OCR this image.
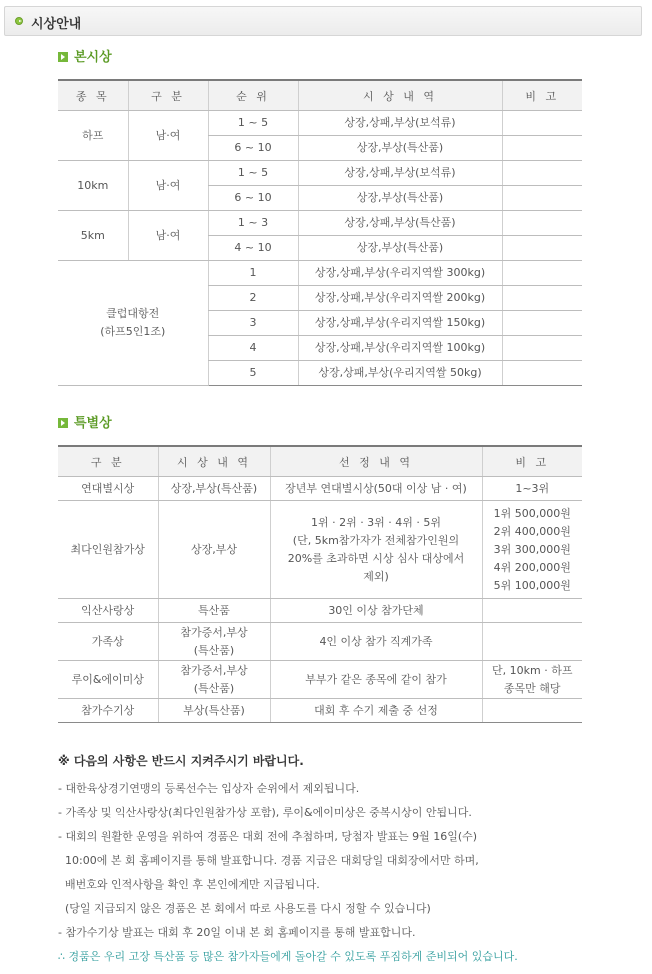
시상안내
본시상
종 목	구 분	순 위	시 상 내 역	비 고
하프	남·여	1 ~ 5	상장,상패,부상(보석류)	
		6 ~ 10	상장,부상(특산품)	
10km	남·여	1 ~ 5	상장,상패,부상(보석류)	
		6 ~ 10	상장,부상(특산품)	
5km	남·여	1 ~ 3	상장,상패,부상(특산품)	
		4 ~ 10	상장,부상(특산품)	

클럽대항전
(하프5인1조)		1	상장,상패,부상(우리지역쌀 300kg)	
		2	상장,상패,부상(우리지역쌀 200kg)	
		3	상장,상패,부상(우리지역쌀 150kg)	
		4	상장,상패,부상(우리지역쌀 100kg)	
		5	상장,상패,부상(우리지역쌀 50kg)	
특별상
구 분	시 상 내 역	선 정 내 역	비 고
연대별시상	상장,부상(특산품)	장년부 연대별시상(50대 이상 남 · 여)	1~3위
최다인원참가상	상장,부상	1위 · 2위 · 3위 · 4위 · 5위
(단, 5km참가자가 전체참가인원의
20%를 초과하면 시상 심사 대상에서
제외)	1위 500,000원
2위 400,000원
3위 300,000원
4위 200,000원
5위 100,000원
익산사랑상	특산품	30인 이상 참가단체	
가족상	참가증서,부상
(특산품)	4인 이상 참가 직계가족	
루이&에이미상	참가증서,부상
(특산품)	부부가 같은 종목에 같이 참가	단, 10km · 하프
종목만 해당
참가수기상	부상(특산품)	대회 후 수기 제출 중 선정	
※ 다음의 사항은 반드시 지켜주시기 바랍니다.
- 대한육상경기연맹의 등록선수는 입상자 순위에서 제외됩니다.
- 가족상 및 익산사랑상(최다인원참가상 포함), 루이&에이미상은 중복시상이 안됩니다.
- 대회의 원활한 운영을 위하여 경품은 대회 전에 추첨하며, 당첨자 발표는 9월 16일(수)
10:00에 본 회 홈페이지를 통해 발표합니다. 경품 지급은 대회당일 대회장에서만 하며,
배번호와 인적사항을 확인 후 본인에게만 지급됩니다.
(당일 지급되지 않은 경품은 본 회에서 따로 사용도를 다시 정할 수 있습니다)
- 참가수기상 발표는 대회 후 20일 이내 본 회 홈페이지를 통해 발표합니다.
∴ 경품은 우리 고장 특산품 등 많은 참가자들에게 돌아갈 수 있도록 푸짐하게 준비되어 있습니다.
